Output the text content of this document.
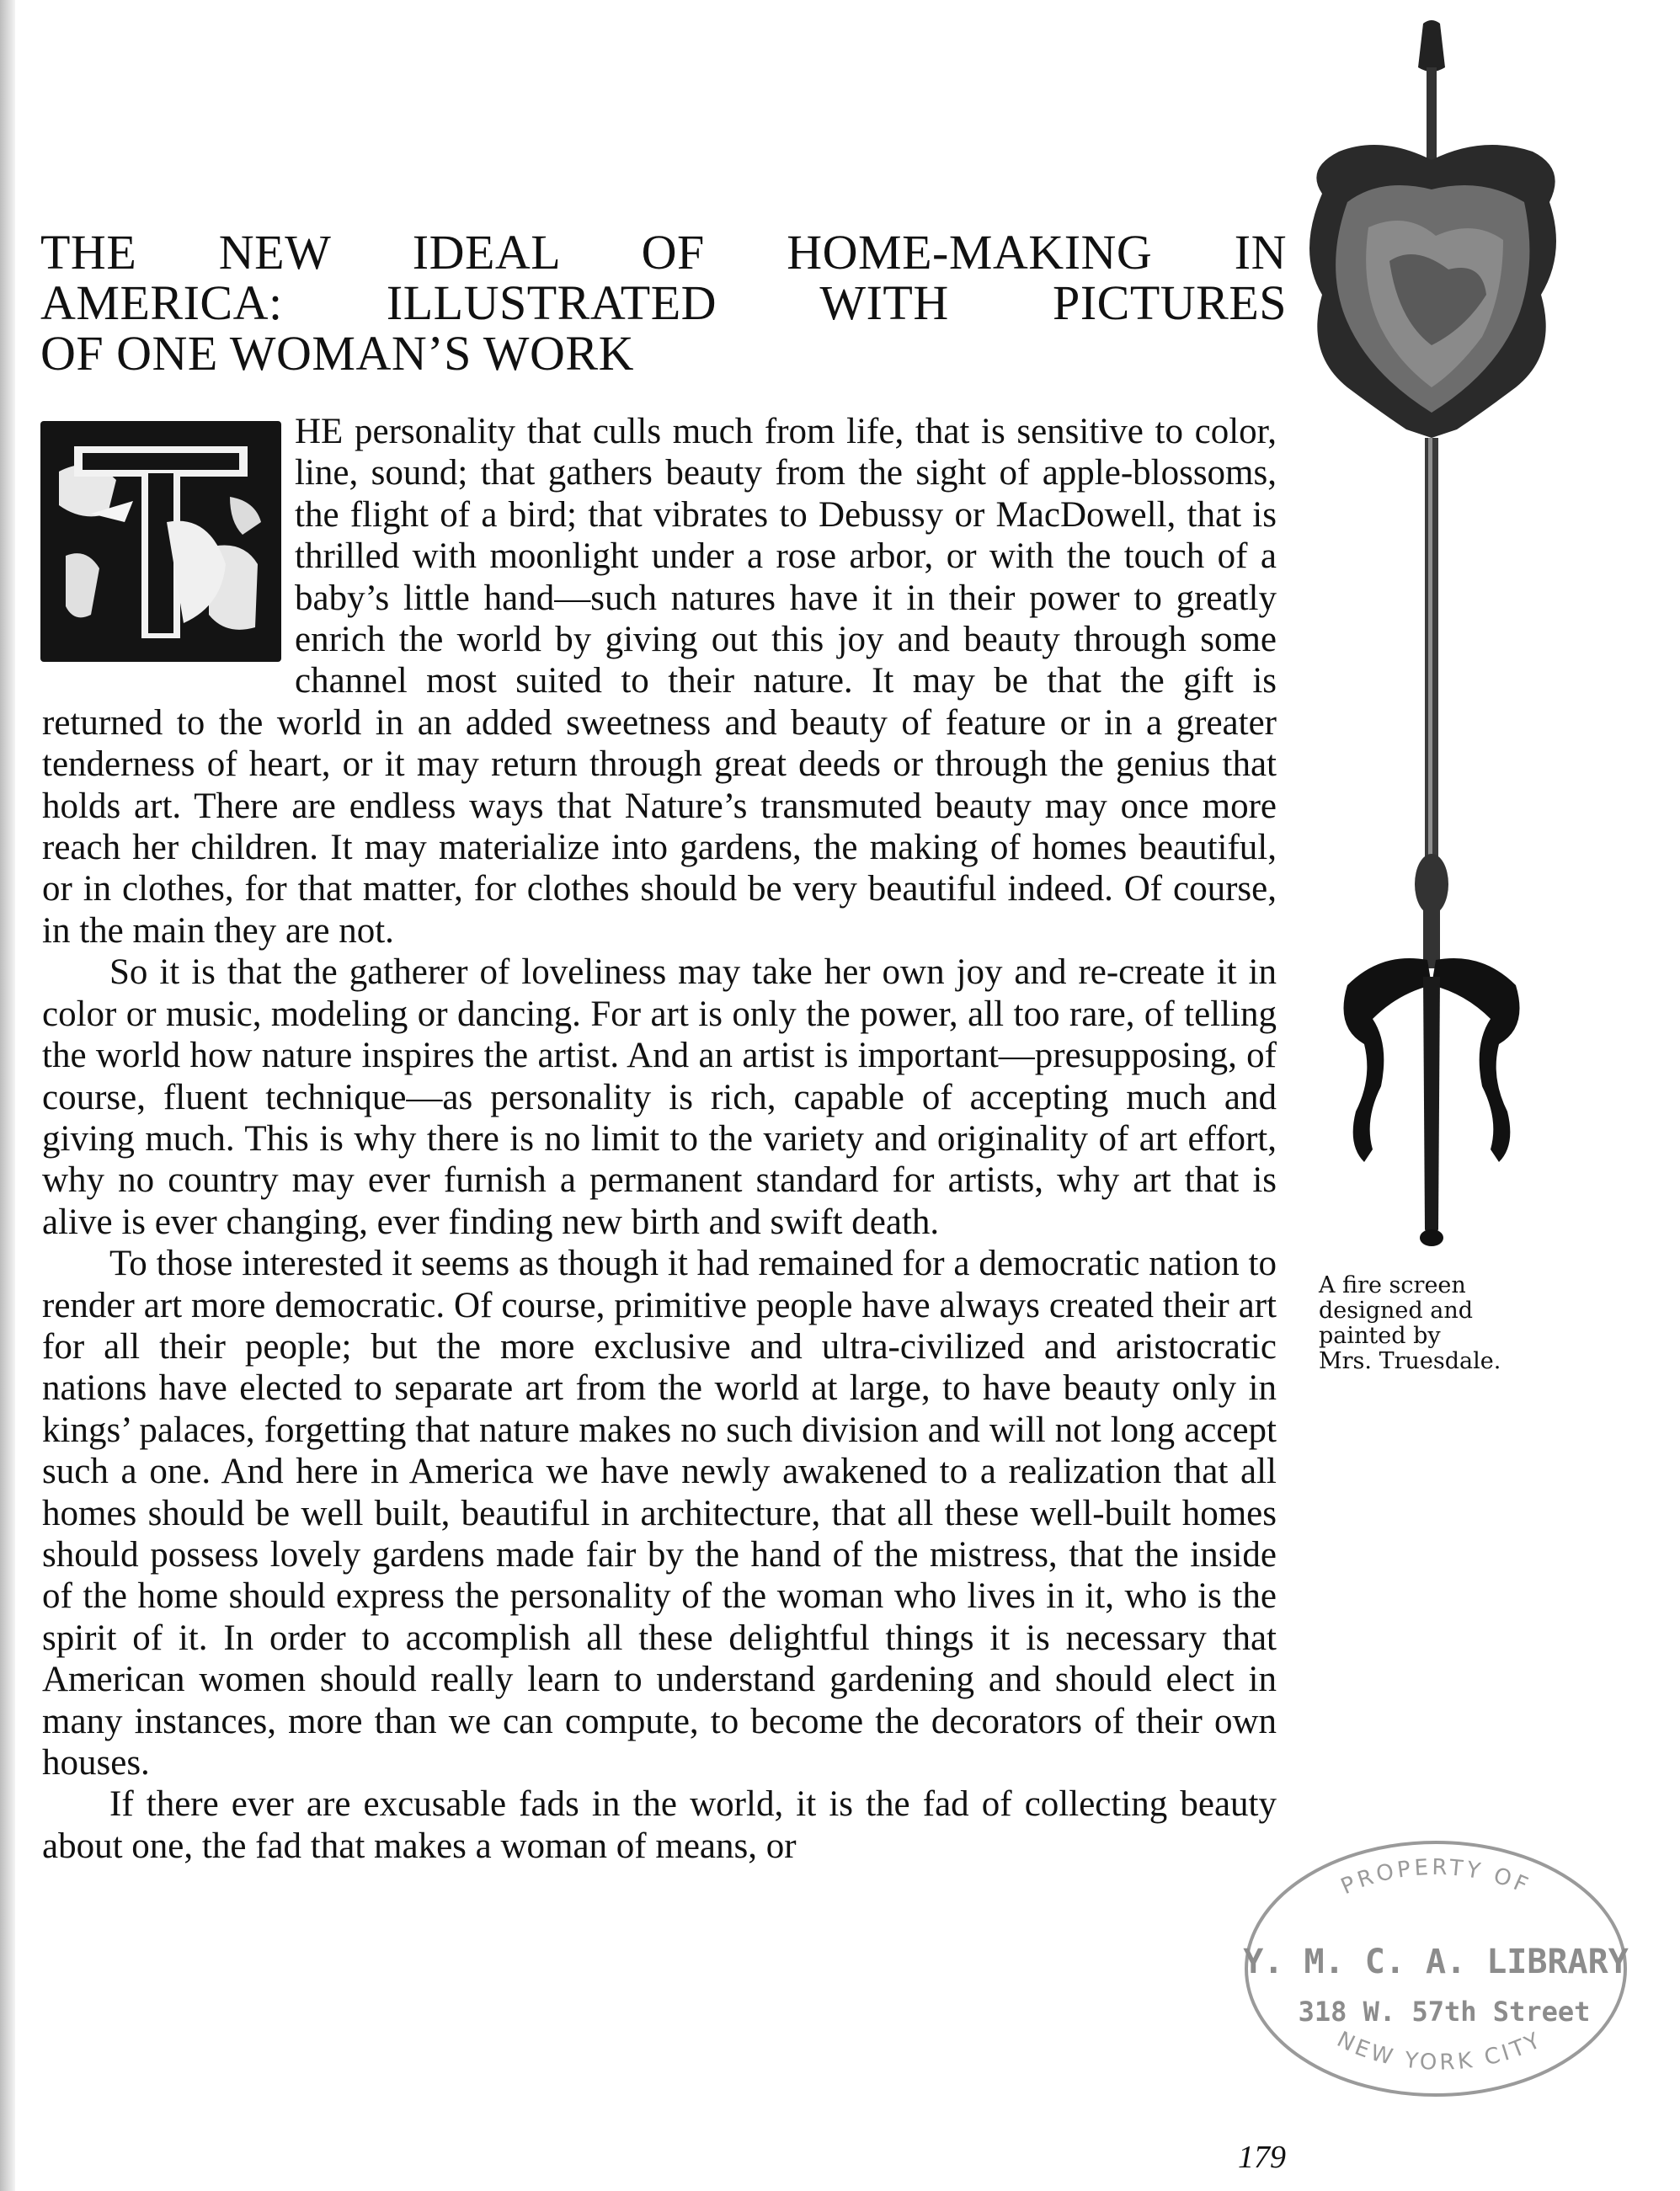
THE NEW IDEAL OF HOME-MAKING IN
AMERICA: ILLUSTRATED WITH PICTURES
OF ONE WOMAN’S WORK

HE personality that culls much from life, that is sensitive to color, line, sound; that gathers beauty from the sight of apple-blossoms, the flight of a bird; that vibrates to Debussy or MacDowell, that is thrilled with moonlight under a rose arbor, or with the touch of a baby’s little hand—such natures have it in their power to greatly enrich the world by giving out this joy and beauty through some channel most suited to their nature. It may be that the gift is returned to the world in an added sweetness and beauty of feature or in a greater tenderness of heart, or it may return through great deeds or through the genius that holds art. There are endless ways that Nature’s transmuted beauty may once more reach her children. It may materialize into gardens, the making of homes beautiful, or in clothes, for that matter, for clothes should be very beautiful indeed. Of course, in the main they are not.

So it is that the gatherer of loveliness may take her own joy and re-create it in color or music, modeling or dancing. For art is only the power, all too rare, of telling the world how nature inspires the artist. And an artist is important—presupposing, of course, fluent technique—as personality is rich, capable of accepting much and giving much. This is why there is no limit to the variety and originality of art effort, why no country may ever furnish a permanent standard for artists, why art that is alive is ever changing, ever finding new birth and swift death.

To those interested it seems as though it had remained for a democratic nation to render art more democratic. Of course, primitive people have always created their art for all their people; but the more exclusive and ultra-civilized and aristocratic nations have elected to separate art from the world at large, to have beauty only in kings’ palaces, forgetting that nature makes no such division and will not long accept such a one. And here in America we have newly awakened to a realization that all homes should be well built, beautiful in architecture, that all these well-built homes should possess lovely gardens made fair by the hand of the mistress, that the inside of the home should express the personality of the woman who lives in it, who is the spirit of it. In order to accomplish all these delightful things it is necessary that American women should really learn to understand gardening and should elect in many instances, more than we can compute, to become the decorators of their own houses.

If there ever are excusable fads in the world, it is the fad of collecting beauty about one, the fad that makes a woman of means, or

A fire screen
designed and
painted by
Mrs. Truesdale.
PROPERTY OF
Y. M. C. A. LIBRARY
318 W. 57th Street
NEW YORK CITY
179
